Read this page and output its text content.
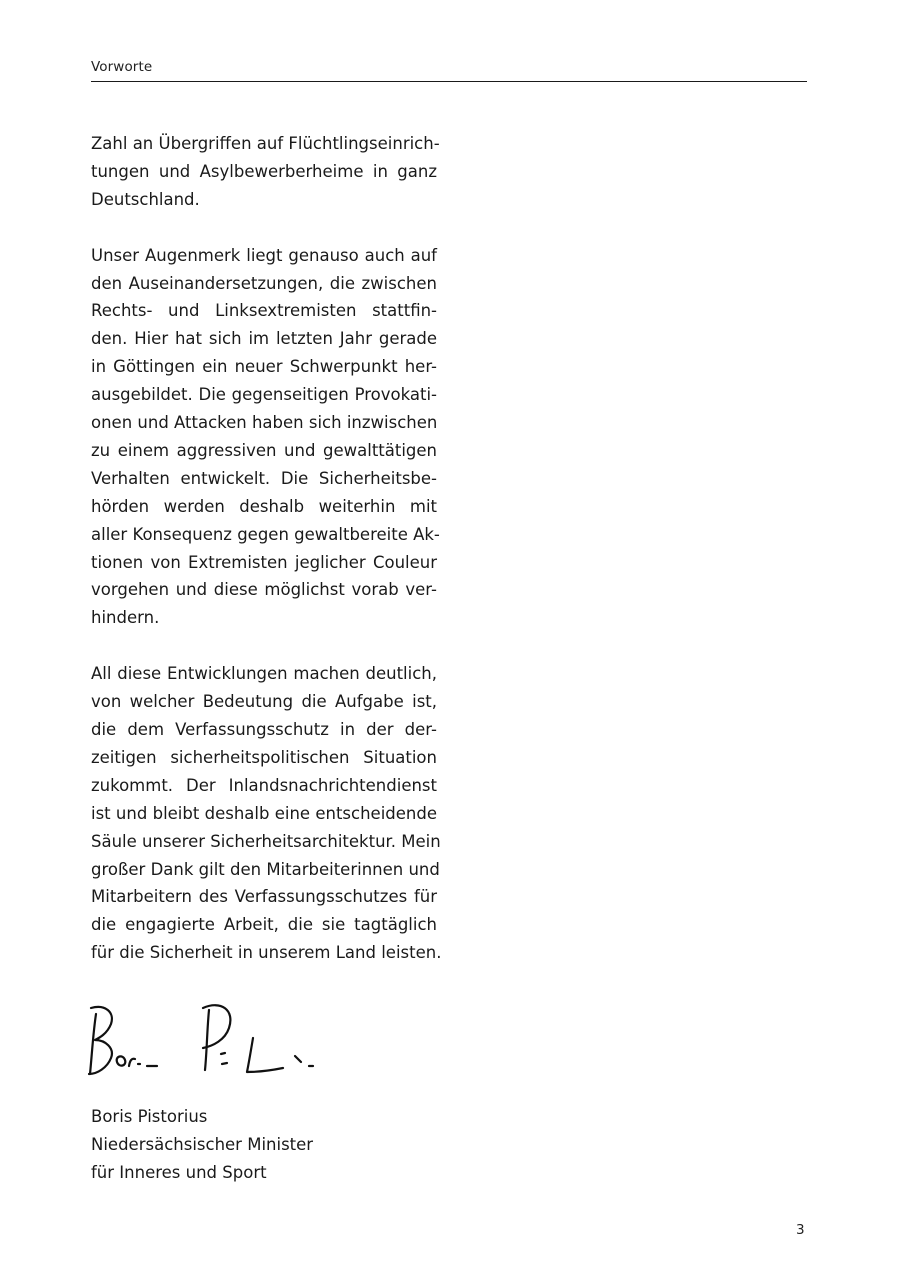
Vorworte

Zahl an Übergriffen auf Flüchtlingseinrich-
tungen und Asylbewerberheime in ganz
Deutschland.

Unser Augenmerk liegt genauso auch auf
den Auseinandersetzungen, die zwischen
Rechts- und Linksextremisten stattfin-
den. Hier hat sich im letzten Jahr gerade
in Göttingen ein neuer Schwerpunkt her-
ausgebildet. Die gegenseitigen Provokati-
onen und Attacken haben sich inzwischen
zu einem aggressiven und gewalttätigen
Verhalten entwickelt. Die Sicherheitsbe-
hörden werden deshalb weiterhin mit
aller Konsequenz gegen gewaltbereite Ak-
tionen von Extremisten jeglicher Couleur
vorgehen und diese möglichst vorab ver-
hindern.

All diese Entwicklungen machen deutlich,
von welcher Bedeutung die Aufgabe ist,
die dem Verfassungsschutz in der der-
zeitigen sicherheitspolitischen Situation
zukommt. Der Inlandsnachrichtendienst
ist und bleibt deshalb eine entscheidende
Säule unserer Sicherheitsarchitektur. Mein
großer Dank gilt den Mitarbeiterinnen und
Mitarbeitern des Verfassungsschutzes für
die engagierte Arbeit, die sie tagtäglich
für die Sicherheit in unserem Land leisten.

Boris Pistorius
Niedersächsischer Minister
für Inneres und Sport
3
